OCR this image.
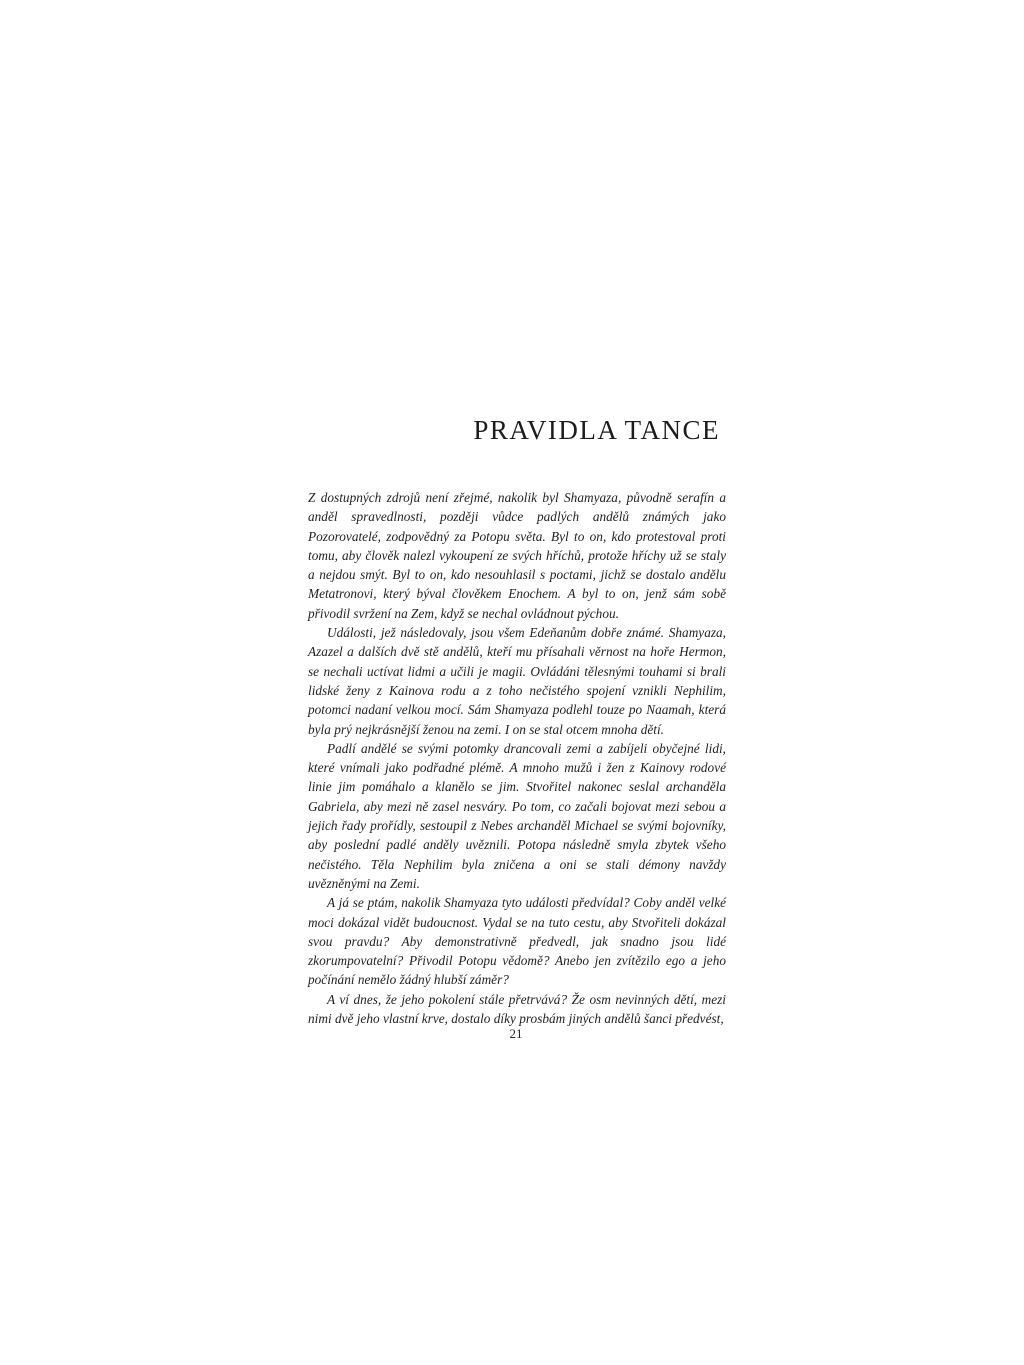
PRAVIDLA TANCE

Z dostupných zdrojů není zřejmé, nakolik byl Shamyaza, původně serafín a anděl spravedlnosti, později vůdce padlých andělů známých jako Pozorovatelé, zodpovědný za Potopu světa. Byl to on, kdo protestoval proti tomu, aby člověk nalezl vykoupení ze svých hříchů, protože hříchy už se staly a nejdou smýt. Byl to on, kdo nesouhlasil s poctami, jichž se dostalo andělu Metatronovi, který býval člověkem Enochem. A byl to on, jenž sám sobě přivodil svržení na Zem, když se nechal ovládnout pýchou.

Události, jež následovaly, jsou všem Edeňanům dobře známé. Shamyaza, Azazel a dalších dvě stě andělů, kteří mu přísahali věrnost na hoře Hermon, se nechali uctívat lidmi a učili je magii. Ovládáni tělesnými touhami si brali lidské ženy z Kainova rodu a z toho nečistého spojení vznikli Nephilim, potomci nadaní velkou mocí. Sám Shamyaza podlehl touze po Naamah, která byla prý nejkrásnější ženou na zemi. I on se stal otcem mnoha dětí.

Padlí andělé se svými potomky drancovali zemi a zabíjeli obyčejné lidi, které vnímali jako podřadné plémě. A mnoho mužů i žen z Kainovy rodové linie jim pomáhalo a klanělo se jim. Stvořitel nakonec seslal archanděla Gabriela, aby mezi ně zasel nesváry. Po tom, co začali bojovat mezi sebou a jejich řady prořídly, sestoupil z Nebes archanděl Michael se svými bojovníky, aby poslední padlé anděly uvěznili. Potopa následně smyla zbytek všeho nečistého. Těla Nephilim byla zničena a oni se stali démony navždy uvězněnými na Zemi.

A já se ptám, nakolik Shamyaza tyto události předvídal? Coby anděl velké moci dokázal vidět budoucnost. Vydal se na tuto cestu, aby Stvořiteli dokázal svou pravdu? Aby demonstrativně předvedl, jak snadno jsou lidé zkorumpovatelní? Přivodil Potopu vědomě? Anebo jen zvítězilo ego a jeho počínání nemělo žádný hlubší záměr?

A ví dnes, že jeho pokolení stále přetrvává? Že osm nevinných dětí, mezi nimi dvě jeho vlastní krve, dostalo díky prosbám jiných andělů šanci předvést,

21
